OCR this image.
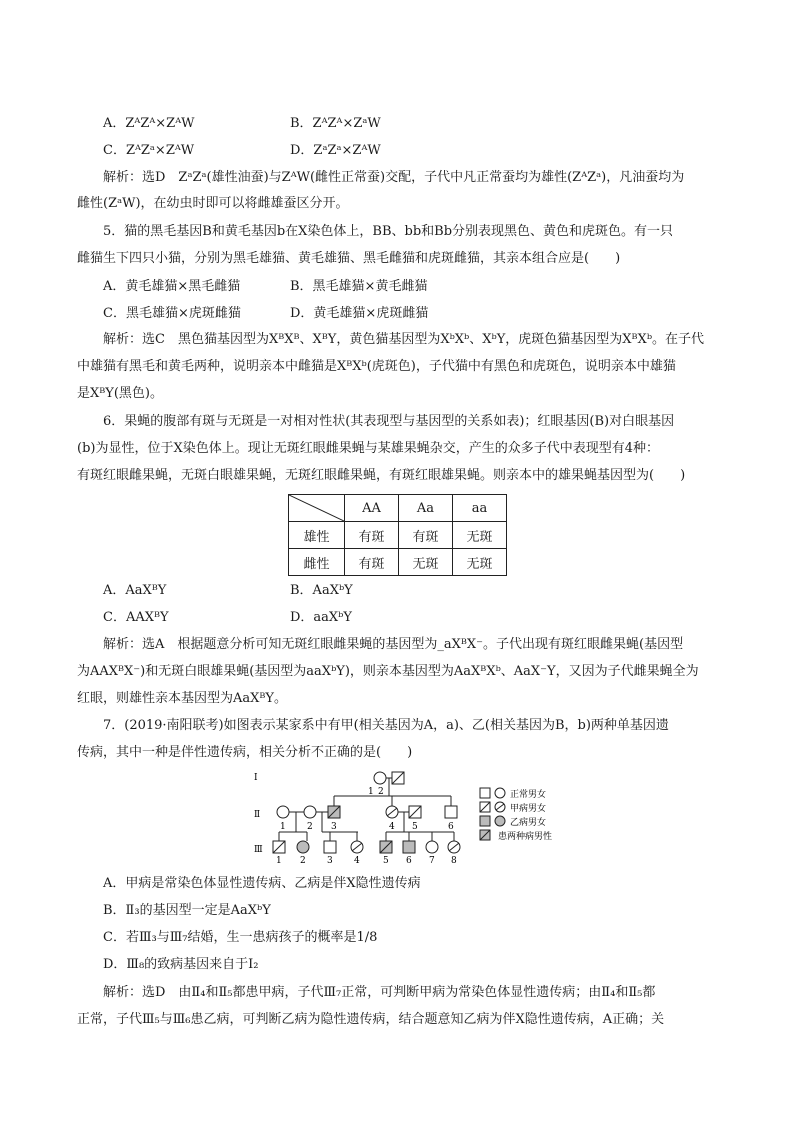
A．ZᴬZᴬ×ZᴬW	B．ZᴬZᴬ×ZᵃW
C．ZᴬZᵃ×ZᴬW	D．ZᵃZᵃ×ZᴬW
解析：选D　ZᵃZᵃ(雄性油蚕)与ZᴬW(雌性正常蚕)交配，子代中凡正常蚕均为雄性(ZᴬZᵃ)，凡油蚕均为
雌性(ZᵃW)，在幼虫时即可以将雌雄蚕区分开。
5．猫的黑毛基因B和黄毛基因b在X染色体上，BB、bb和Bb分别表现黑色、黄色和虎斑色。有一只
雌猫生下四只小猫，分别为黑毛雄猫、黄毛雄猫、黑毛雌猫和虎斑雌猫，其亲本组合应是(　　)
A．黄毛雄猫×黑毛雌猫	B．黑毛雄猫×黄毛雌猫
C．黑毛雄猫×虎斑雌猫	D．黄毛雄猫×虎斑雌猫
解析：选C　黑色猫基因型为XᴮXᴮ、XᴮY，黄色猫基因型为XᵇXᵇ、XᵇY，虎斑色猫基因型为XᴮXᵇ。在子代
中雄猫有黑毛和黄毛两种，说明亲本中雌猫是XᴮXᵇ(虎斑色)，子代猫中有黑色和虎斑色，说明亲本中雄猫
是XᴮY(黑色)。
6．果蝇的腹部有斑与无斑是一对相对性状(其表现型与基因型的关系如表)；红眼基因(B)对白眼基因
(b)为显性，位于X染色体上。现让无斑红眼雌果蝇与某雄果蝇杂交，产生的众多子代中表现型有4种：
有斑红眼雌果蝇，无斑白眼雄果蝇，无斑红眼雌果蝇，有斑红眼雄果蝇。则亲本中的雄果蝇基因型为(　　)
	AA	Aa	aa
雄性	有斑	有斑	无斑
雌性	有斑	无斑	无斑
A．AaXᴮY	B．AaXᵇY
C．AAXᴮY	D．aaXᵇY
解析：选A　根据题意分析可知无斑红眼雌果蝇的基因型为_aXᴮX⁻。子代出现有斑红眼雌果蝇(基因型
为AAXᴮX⁻)和无斑白眼雄果蝇(基因型为aaXᵇY)，则亲本基因型为AaXᴮXᵇ、AaX⁻Y，又因为子代雌果蝇全为
红眼，则雄性亲本基因型为AaXᴮY。
7．(2019·南阳联考)如图表示某家系中有甲(相关基因为A，a)、乙(相关基因为B，b)两种单基因遗
传病，其中一种是伴性遗传病，相关分析不正确的是(　　)
I
Ⅱ
Ⅲ
1 2
1 2 3	4 5	6
1 2 3 4	5 6 7 8
正常男女
甲病男女
乙病男女
患两种病男性
A．甲病是常染色体显性遗传病、乙病是伴X隐性遗传病
B．Ⅱ₃的基因型一定是AaXᵇY
C．若Ⅲ₃与Ⅲ₇结婚，生一患病孩子的概率是1/8
D．Ⅲ₈的致病基因来自于Ⅰ₂
解析：选D　由Ⅱ₄和Ⅱ₅都患甲病，子代Ⅲ₇正常，可判断甲病为常染色体显性遗传病；由Ⅱ₄和Ⅱ₅都
正常，子代Ⅲ₅与Ⅲ₆患乙病，可判断乙病为隐性遗传病，结合题意知乙病为伴X隐性遗传病，A正确；关
